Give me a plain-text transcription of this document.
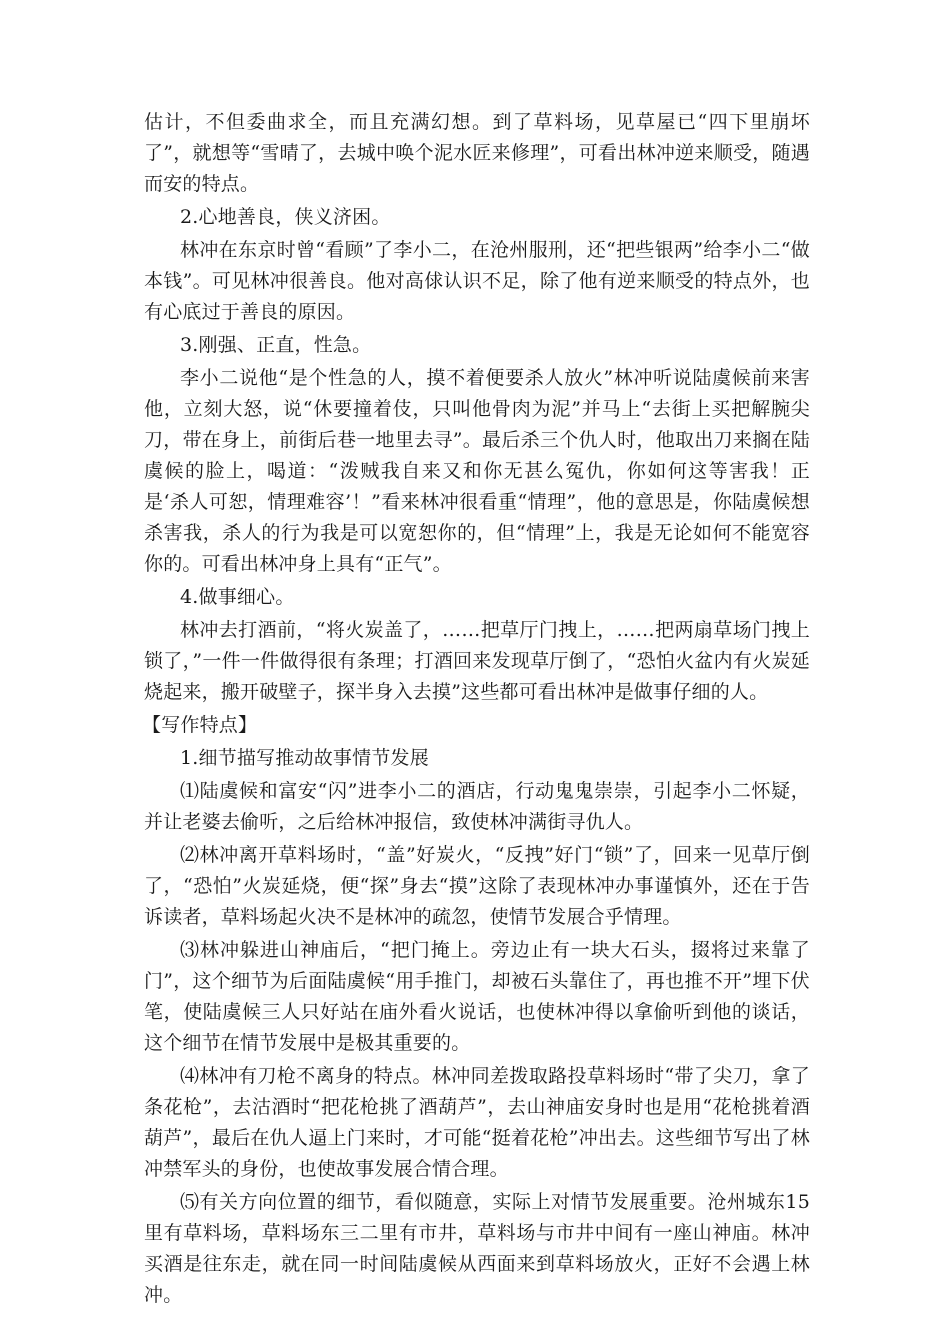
估计，不但委曲求全，而且充满幻想。到了草料场，见草屋已“四下里崩坏了”，就想等“雪晴了，去城中唤个泥水匠来修理”，可看出林冲逆来顺受，随遇而安的特点。

2.心地善良，侠义济困。

林冲在东京时曾“看顾”了李小二，在沧州服刑，还“把些银两”给李小二“做本钱”。可见林冲很善良。他对高俅认识不足，除了他有逆来顺受的特点外，也有心底过于善良的原因。

3.刚强、正直，性急。

李小二说他“是个性急的人，摸不着便要杀人放火”林冲听说陆虞候前来害他，立刻大怒，说“休要撞着伎，只叫他骨肉为泥”并马上“去街上买把解腕尖刀，带在身上，前街后巷一地里去寻”。最后杀三个仇人时，他取出刀来搁在陆虞候的脸上，喝道：“泼贼我自来又和你无甚么冤仇，你如何这等害我！正是‘杀人可恕，情理难容’！”看来林冲很看重“情理”，他的意思是，你陆虞候想杀害我，杀人的行为我是可以宽恕你的，但“情理”上，我是无论如何不能宽容你的。可看出林冲身上具有“正气”。

4.做事细心。

林冲去打酒前，“将火炭盖了，……把草厅门拽上，……把两扇草场门拽上锁了，”一件一件做得很有条理；打酒回来发现草厅倒了，“恐怕火盆内有火炭延烧起来，搬开破壁子，探半身入去摸”这些都可看出林冲是做事仔细的人。

【写作特点】

1.细节描写推动故事情节发展

⑴陆虞候和富安“闪”进李小二的酒店，行动鬼鬼崇崇，引起李小二怀疑，并让老婆去偷听，之后给林冲报信，致使林冲满街寻仇人。

⑵林冲离开草料场时，“盖”好炭火，“反拽”好门“锁”了，回来一见草厅倒了，“恐怕”火炭延烧，便“探”身去“摸”这除了表现林冲办事谨慎外，还在于告诉读者，草料场起火决不是林冲的疏忽，使情节发展合乎情理。

⑶林冲躲进山神庙后，“把门掩上。旁边止有一块大石头，掇将过来靠了门”，这个细节为后面陆虞候“用手推门，却被石头靠住了，再也推不开”埋下伏笔，使陆虞候三人只好站在庙外看火说话，也使林冲得以拿偷听到他的谈话，这个细节在情节发展中是极其重要的。

⑷林冲有刀枪不离身的特点。林冲同差拨取路投草料场时“带了尖刀，拿了条花枪”，去沽酒时“把花枪挑了酒葫芦”，去山神庙安身时也是用“花枪挑着酒葫芦”，最后在仇人逼上门来时，才可能“挺着花枪”冲出去。这些细节写出了林冲禁军头的身份，也使故事发展合情合理。

⑸有关方向位置的细节，看似随意，实际上对情节发展重要。沧州城东15里有草料场，草料场东三二里有市井，草料场与市井中间有一座山神庙。林冲买酒是往东走，就在同一时间陆虞候从西面来到草料场放火，正好不会遇上林冲。
